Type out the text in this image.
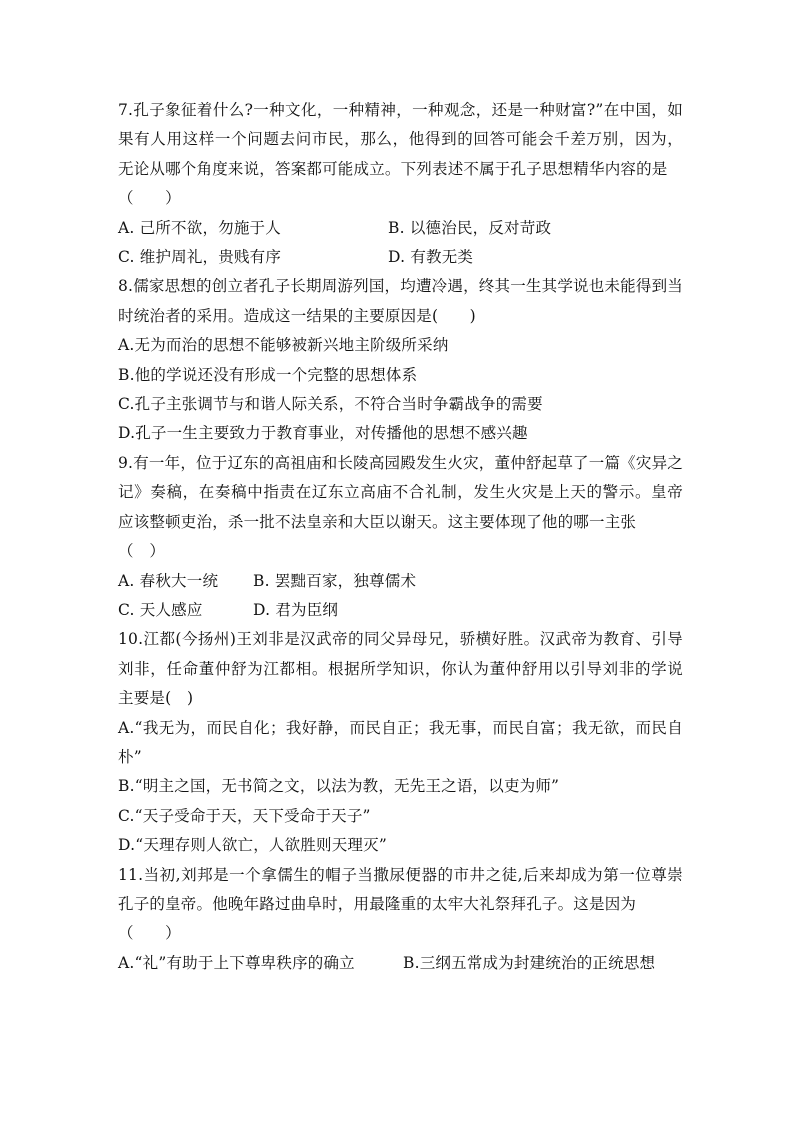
7.孔子象征着什么?一种文化，一种精神，一种观念，还是一种财富?”在中国，如果有人用这样一个问题去问市民，那么，他得到的回答可能会千差万别，因为，无论从哪个角度来说，答案都可能成立。下列表述不属于孔子思想精华内容的是

（　　）

A. 己所不欲，勿施于人	B. 以德治民，反对苛政
C. 维护周礼，贵贱有序	D. 有教无类

8.儒家思想的创立者孔子长期周游列国，均遭冷遇，终其一生其学说也未能得到当时统治者的采用。造成这一结果的主要原因是(　　)

A.无为而治的思想不能够被新兴地主阶级所采纳

B.他的学说还没有形成一个完整的思想体系

C.孔子主张调节与和谐人际关系，不符合当时争霸战争的需要

D.孔子一生主要致力于教育事业，对传播他的思想不感兴趣

9.有一年，位于辽东的高祖庙和长陵高园殿发生火灾，董仲舒起草了一篇《灾异之记》奏稿，在奏稿中指责在辽东立高庙不合礼制，发生火灾是上天的警示。皇帝应该整顿吏治，杀一批不法皇亲和大臣以谢天。这主要体现了他的哪一主张

（　）

A. 春秋大一统	B. 罢黜百家，独尊儒术
C. 天人感应	D. 君为臣纲

10.江都(今扬州)王刘非是汉武帝的同父异母兄，骄横好胜。汉武帝为教育、引导刘非，任命董仲舒为江都相。根据所学知识，你认为董仲舒用以引导刘非的学说主要是(　)

A.“我无为，而民自化；我好静，而民自正；我无事，而民自富；我无欲，而民自朴”

B.“明主之国，无书简之文，以法为教，无先王之语，以吏为师”

C.“天子受命于天，天下受命于天子”

D.“天理存则人欲亡，人欲胜则天理灭”

11.当初,刘邦是一个拿儒生的帽子当撒尿便器的市井之徒,后来却成为第一位尊崇孔子的皇帝。他晚年路过曲阜时，用最隆重的太牢大礼祭拜孔子。这是因为

（　　）

A.“礼”有助于上下尊卑秩序的确立	B.三纲五常成为封建统治的正统思想
